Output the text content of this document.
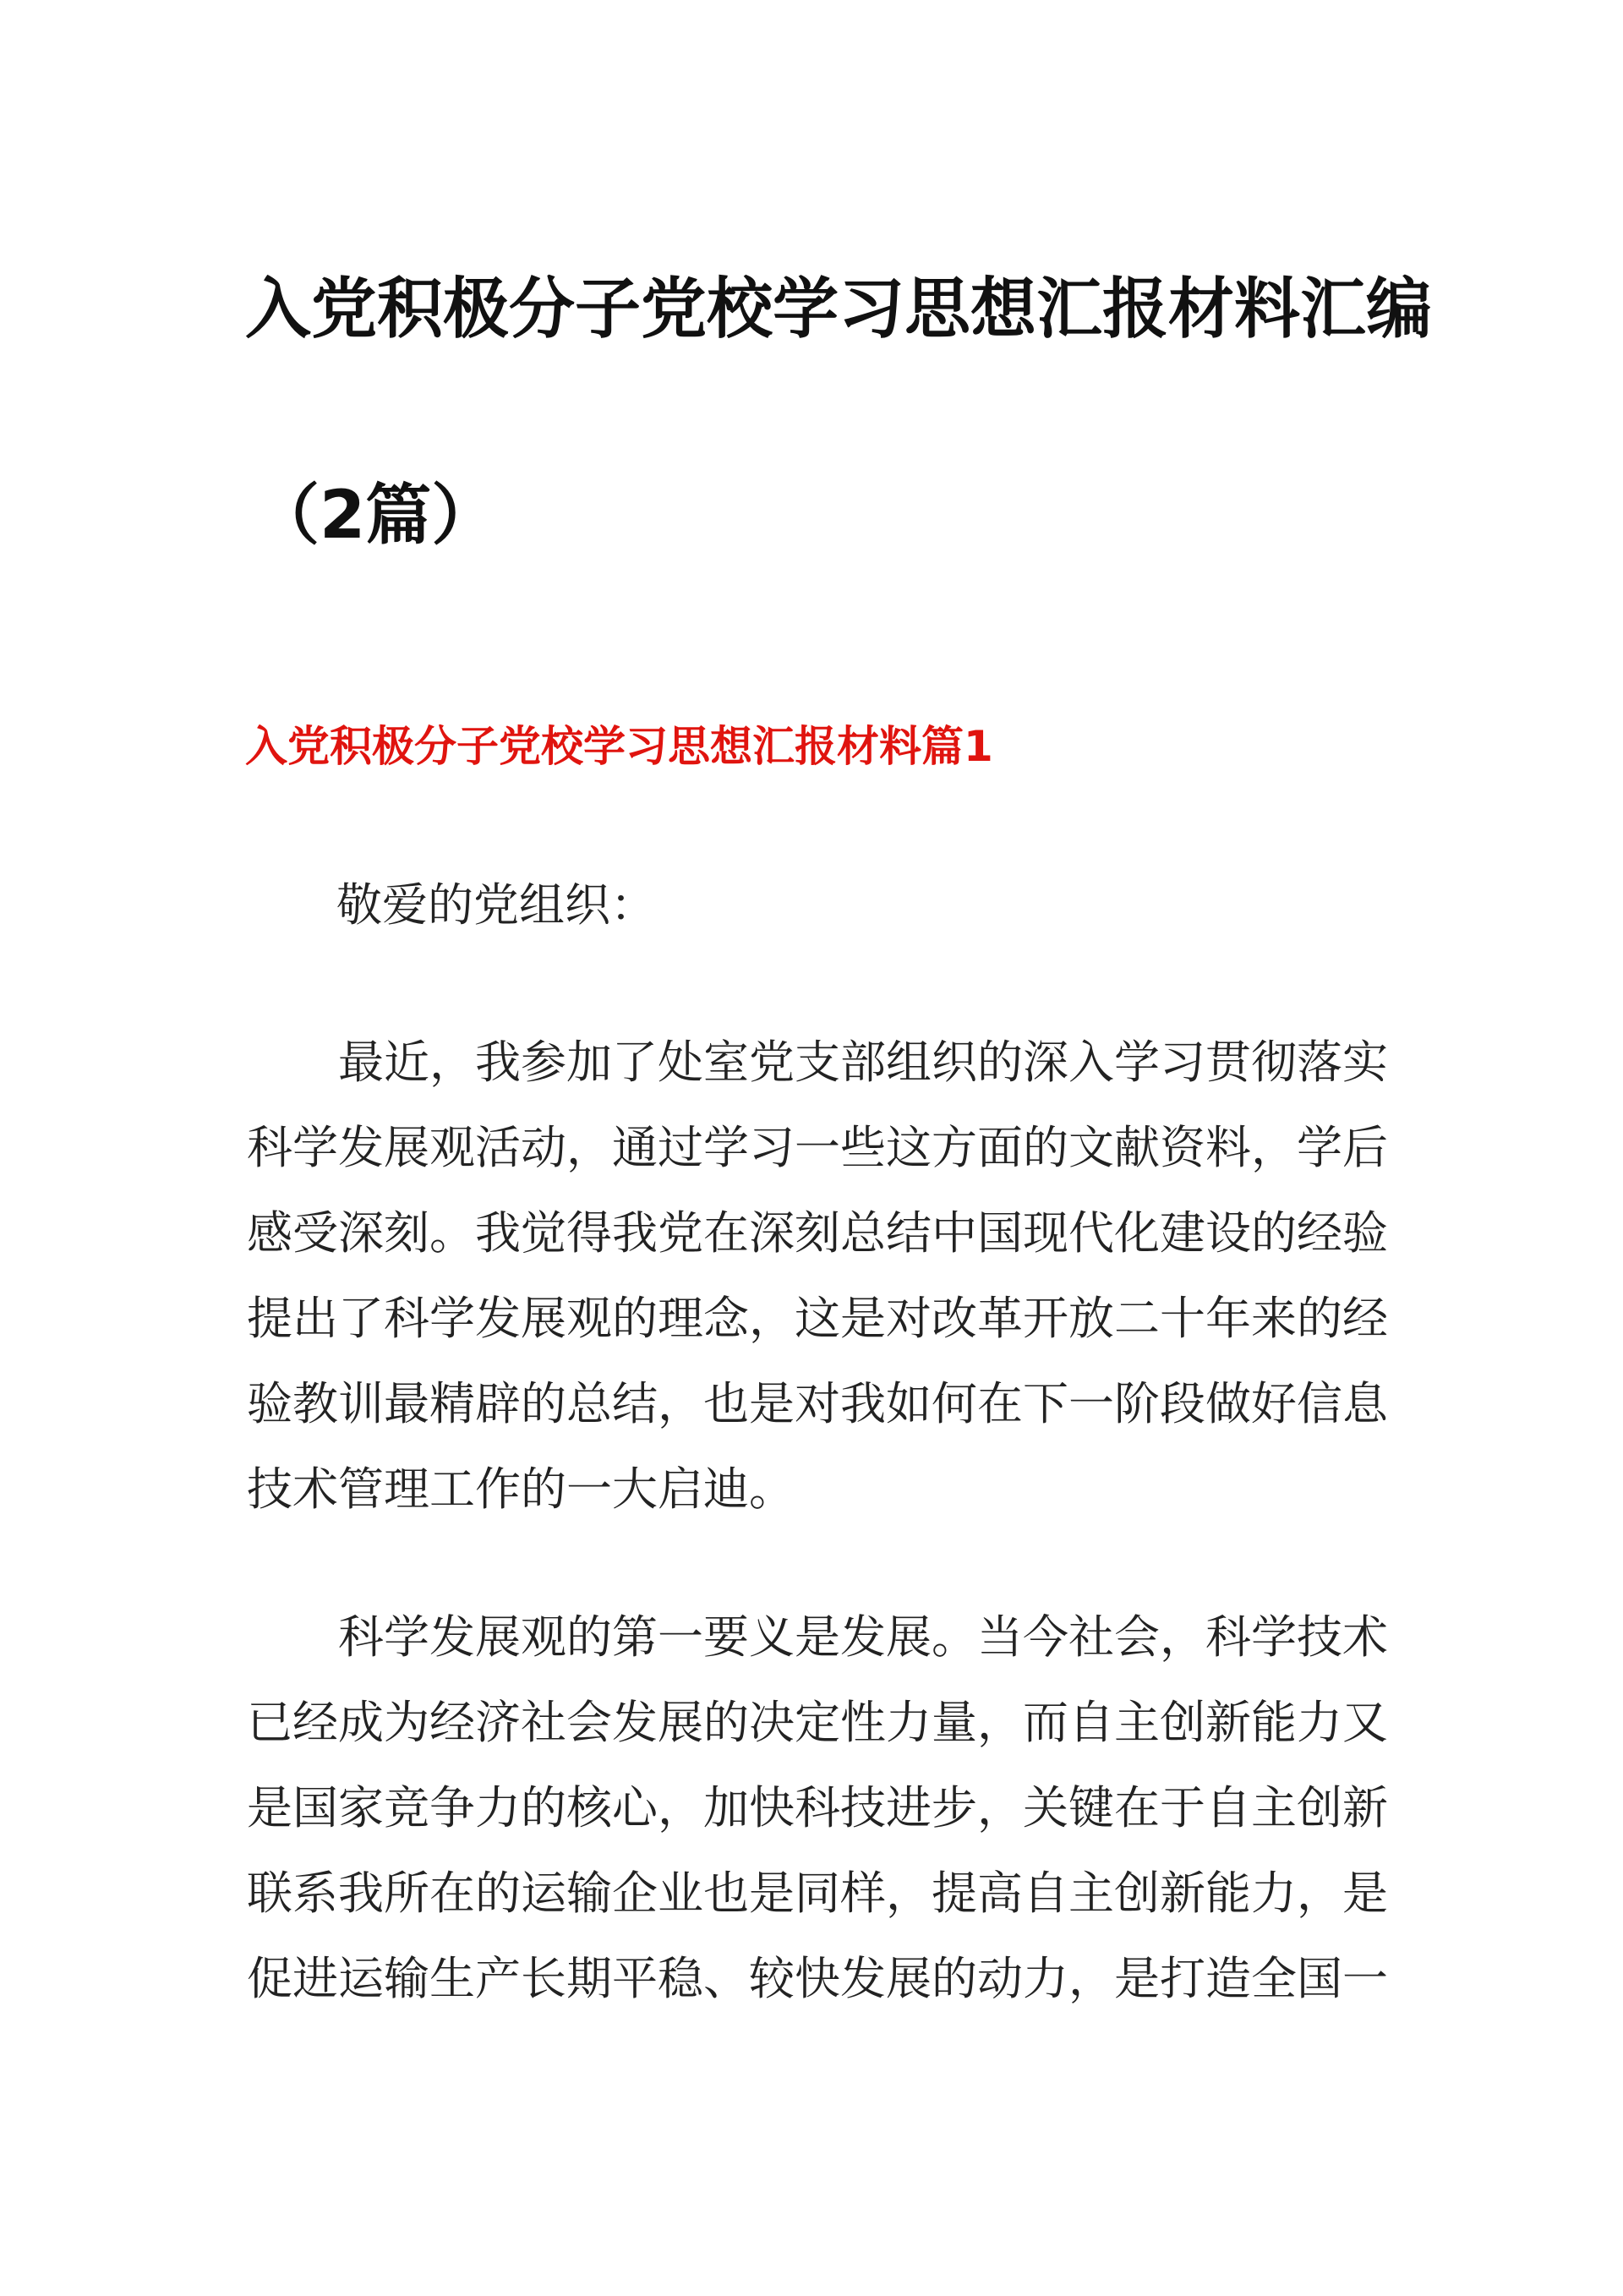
入党积极分子党校学习思想汇报材料汇编
（2篇）
入党积极分子党校学习思想汇报材料篇1
敬爱的党组织：
最近，我参加了处室党支部组织的深入学习贯彻落实
科学发展观活动，通过学习一些这方面的文献资料，学后
感受深刻。我觉得我党在深刻总结中国现代化建设的经验
提出了科学发展观的理念，这是对改革开放二十年来的经
验教训最精辟的总结，也是对我如何在下一阶段做好信息
技术管理工作的一大启迪。
科学发展观的第一要义是发展。当今社会，科学技术
已经成为经济社会发展的决定性力量，而自主创新能力又
是国家竞争力的核心，加快科技进步，关键在于自主创新
联系我所在的运输企业也是同样，提高自主创新能力，是
促进运输生产长期平稳、较快发展的动力，是打造全国一
